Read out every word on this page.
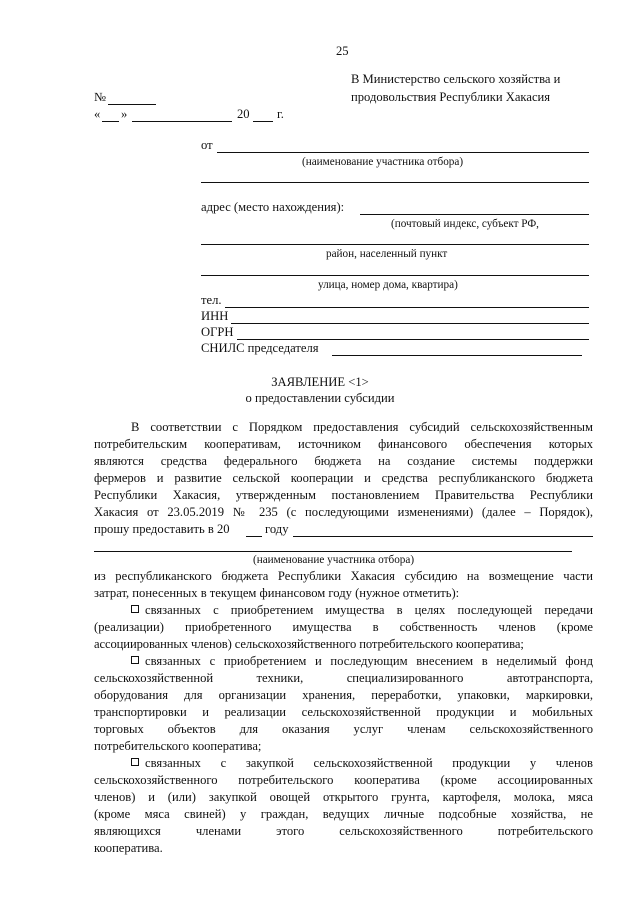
25
В Министерство сельского хозяйства и
продовольствия Республики Хакасия
№
« »	20 г.
от
(наименование участника отбора)
адрес (место нахождения):
(почтовый индекс, субъект РФ,
район, населенный пункт
улица, номер дома, квартира)
тел.
ИНН
ОГРН
СНИЛС председателя
ЗАЯВЛЕНИЕ <1>
о предоставлении субсидии
В соответствии с Порядком предоставления субсидий сельскохозяйственным
потребительским кооперативам, источником финансового обеспечения которых
являются средства федерального бюджета на создание системы поддержки
фермеров и развитие сельской кооперации и средства республиканского бюджета
Республики Хакасия, утвержденным постановлением Правительства Республики
Хакасия от 23.05.2019 № 235 (с последующими изменениями) (далее – Порядок),
прошу предоставить в 20	году
(наименование участника отбора)
из республиканского бюджета Республики Хакасия субсидию на возмещение части
затрат, понесенных в текущем финансовом году (нужное отметить):
связанных с приобретением имущества в целях последующей передачи
(реализации) приобретенного имущества в собственность членов (кроме
ассоциированных членов) сельскохозяйственного потребительского кооператива;
связанных с приобретением и последующим внесением в неделимый фонд
сельскохозяйственной техники, специализированного автотранспорта,
оборудования для организации хранения, переработки, упаковки, маркировки,
транспортировки и реализации сельскохозяйственной продукции и мобильных
торговых объектов для оказания услуг членам сельскохозяйственного
потребительского кооператива;
связанных с закупкой сельскохозяйственной продукции у членов
сельскохозяйственного потребительского кооператива (кроме ассоциированных
членов) и (или) закупкой овощей открытого грунта, картофеля, молока, мяса
(кроме мяса свиней) у граждан, ведущих личные подсобные хозяйства, не
являющихся членами этого сельскохозяйственного потребительского
кооператива.
